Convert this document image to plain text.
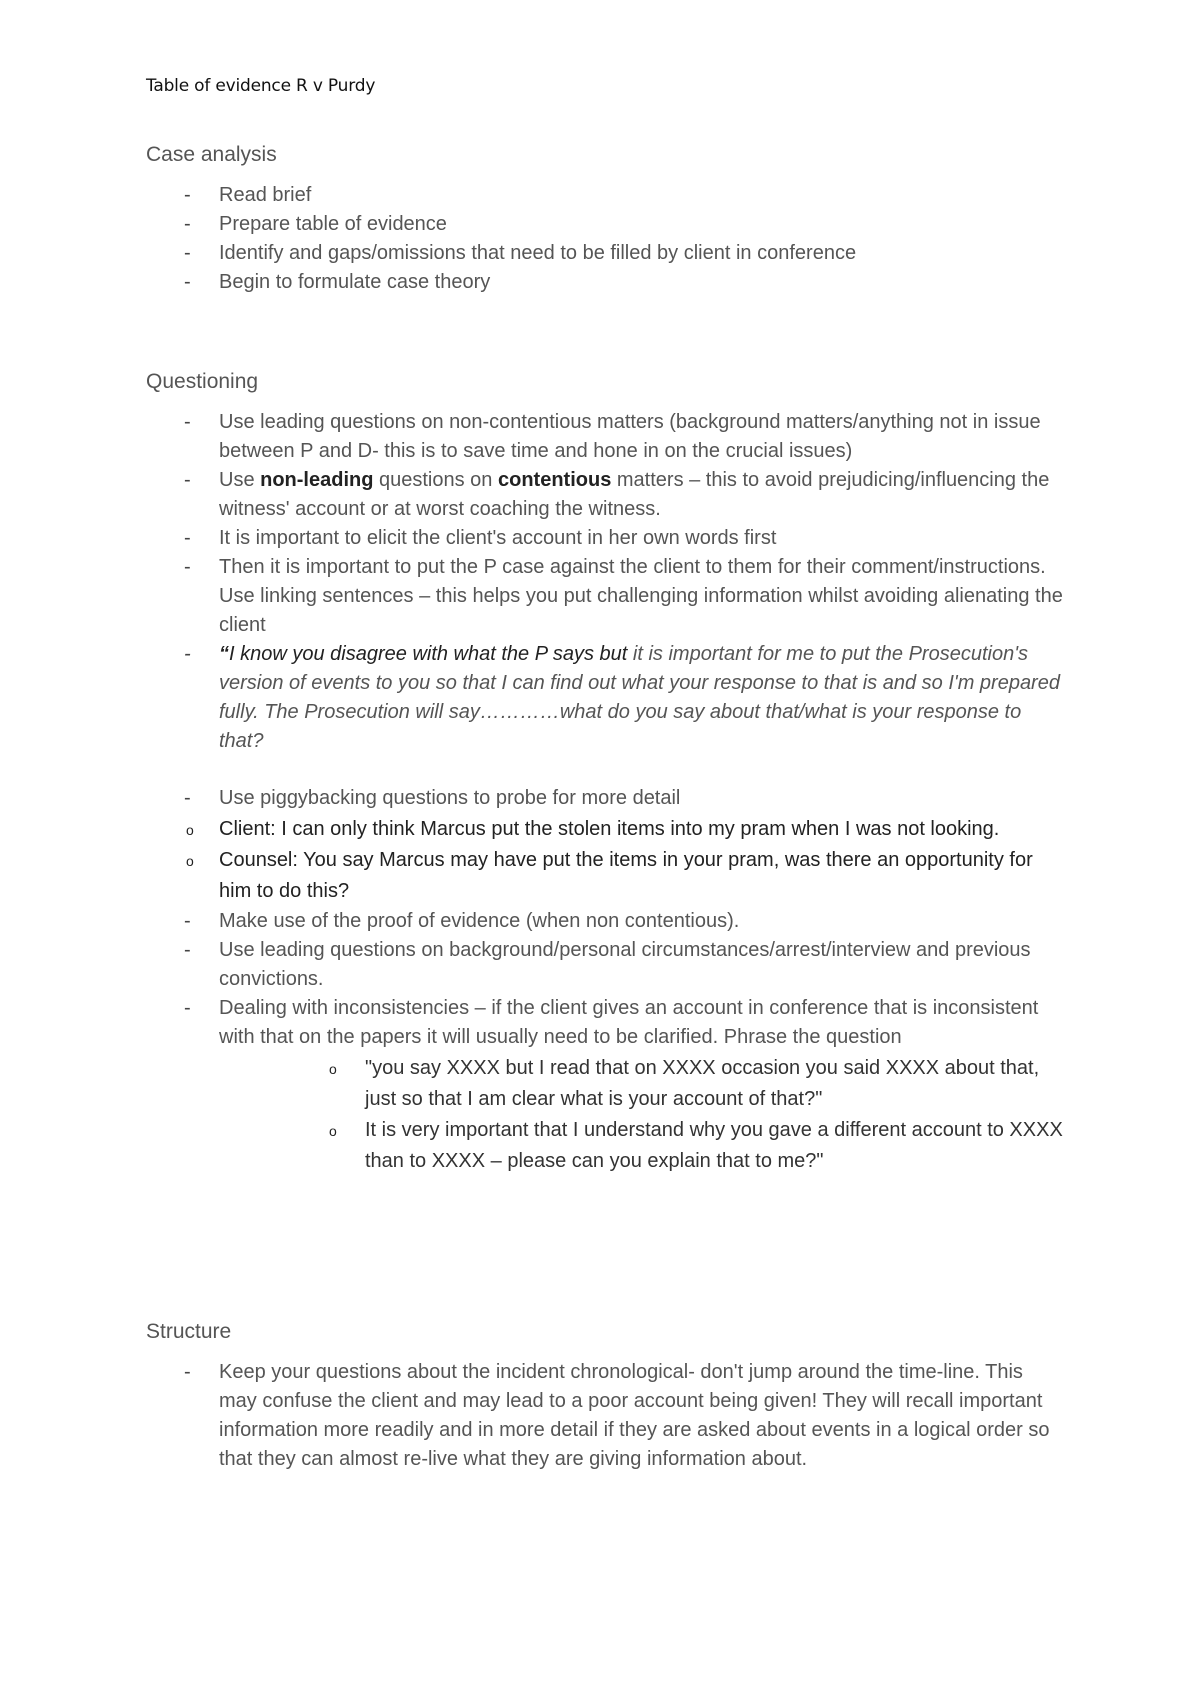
Table of evidence R v Purdy

Case analysis

- Read brief
- Prepare table of evidence
- Identify and gaps/omissions that need to be filled by client in conference
- Begin to formulate case theory

Questioning

- Use leading questions on non-contentious matters (background matters/anything not in issue between P and D- this is to save time and hone in on the crucial issues)
- Use non-leading questions on contentious matters – this to avoid prejudicing/influencing the witness' account or at worst coaching the witness.
- It is important to elicit the client's account in her own words first
- Then it is important to put the P case against the client to them for their comment/instructions. Use linking sentences – this helps you put challenging information whilst avoiding alienating the client
- “I know you disagree with what the P says but it is important for me to put the Prosecution's version of events to you so that I can find out what your response to that is and so I'm prepared fully. The Prosecution will say…………what do you say about that/what is your response to that?
- Use piggybacking questions to probe for more detail
o Client: I can only think Marcus put the stolen items into my pram when I was not looking.
o Counsel: You say Marcus may have put the items in your pram, was there an opportunity for him to do this?
- Make use of the proof of evidence (when non contentious).
- Use leading questions on background/personal circumstances/arrest/interview and previous convictions.
- Dealing with inconsistencies – if the client gives an account in conference that is inconsistent with that on the papers it will usually need to be clarified. Phrase the question
o "you say XXXX but I read that on XXXX occasion you said XXXX about that, just so that I am clear what is your account of that?"
o It is very important that I understand why you gave a different account to XXXX than to XXXX – please can you explain that to me?"

Structure

- Keep your questions about the incident chronological- don't jump around the time-line. This may confuse the client and may lead to a poor account being given! They will recall important information more readily and in more detail if they are asked about events in a logical order so that they can almost re-live what they are giving information about.
